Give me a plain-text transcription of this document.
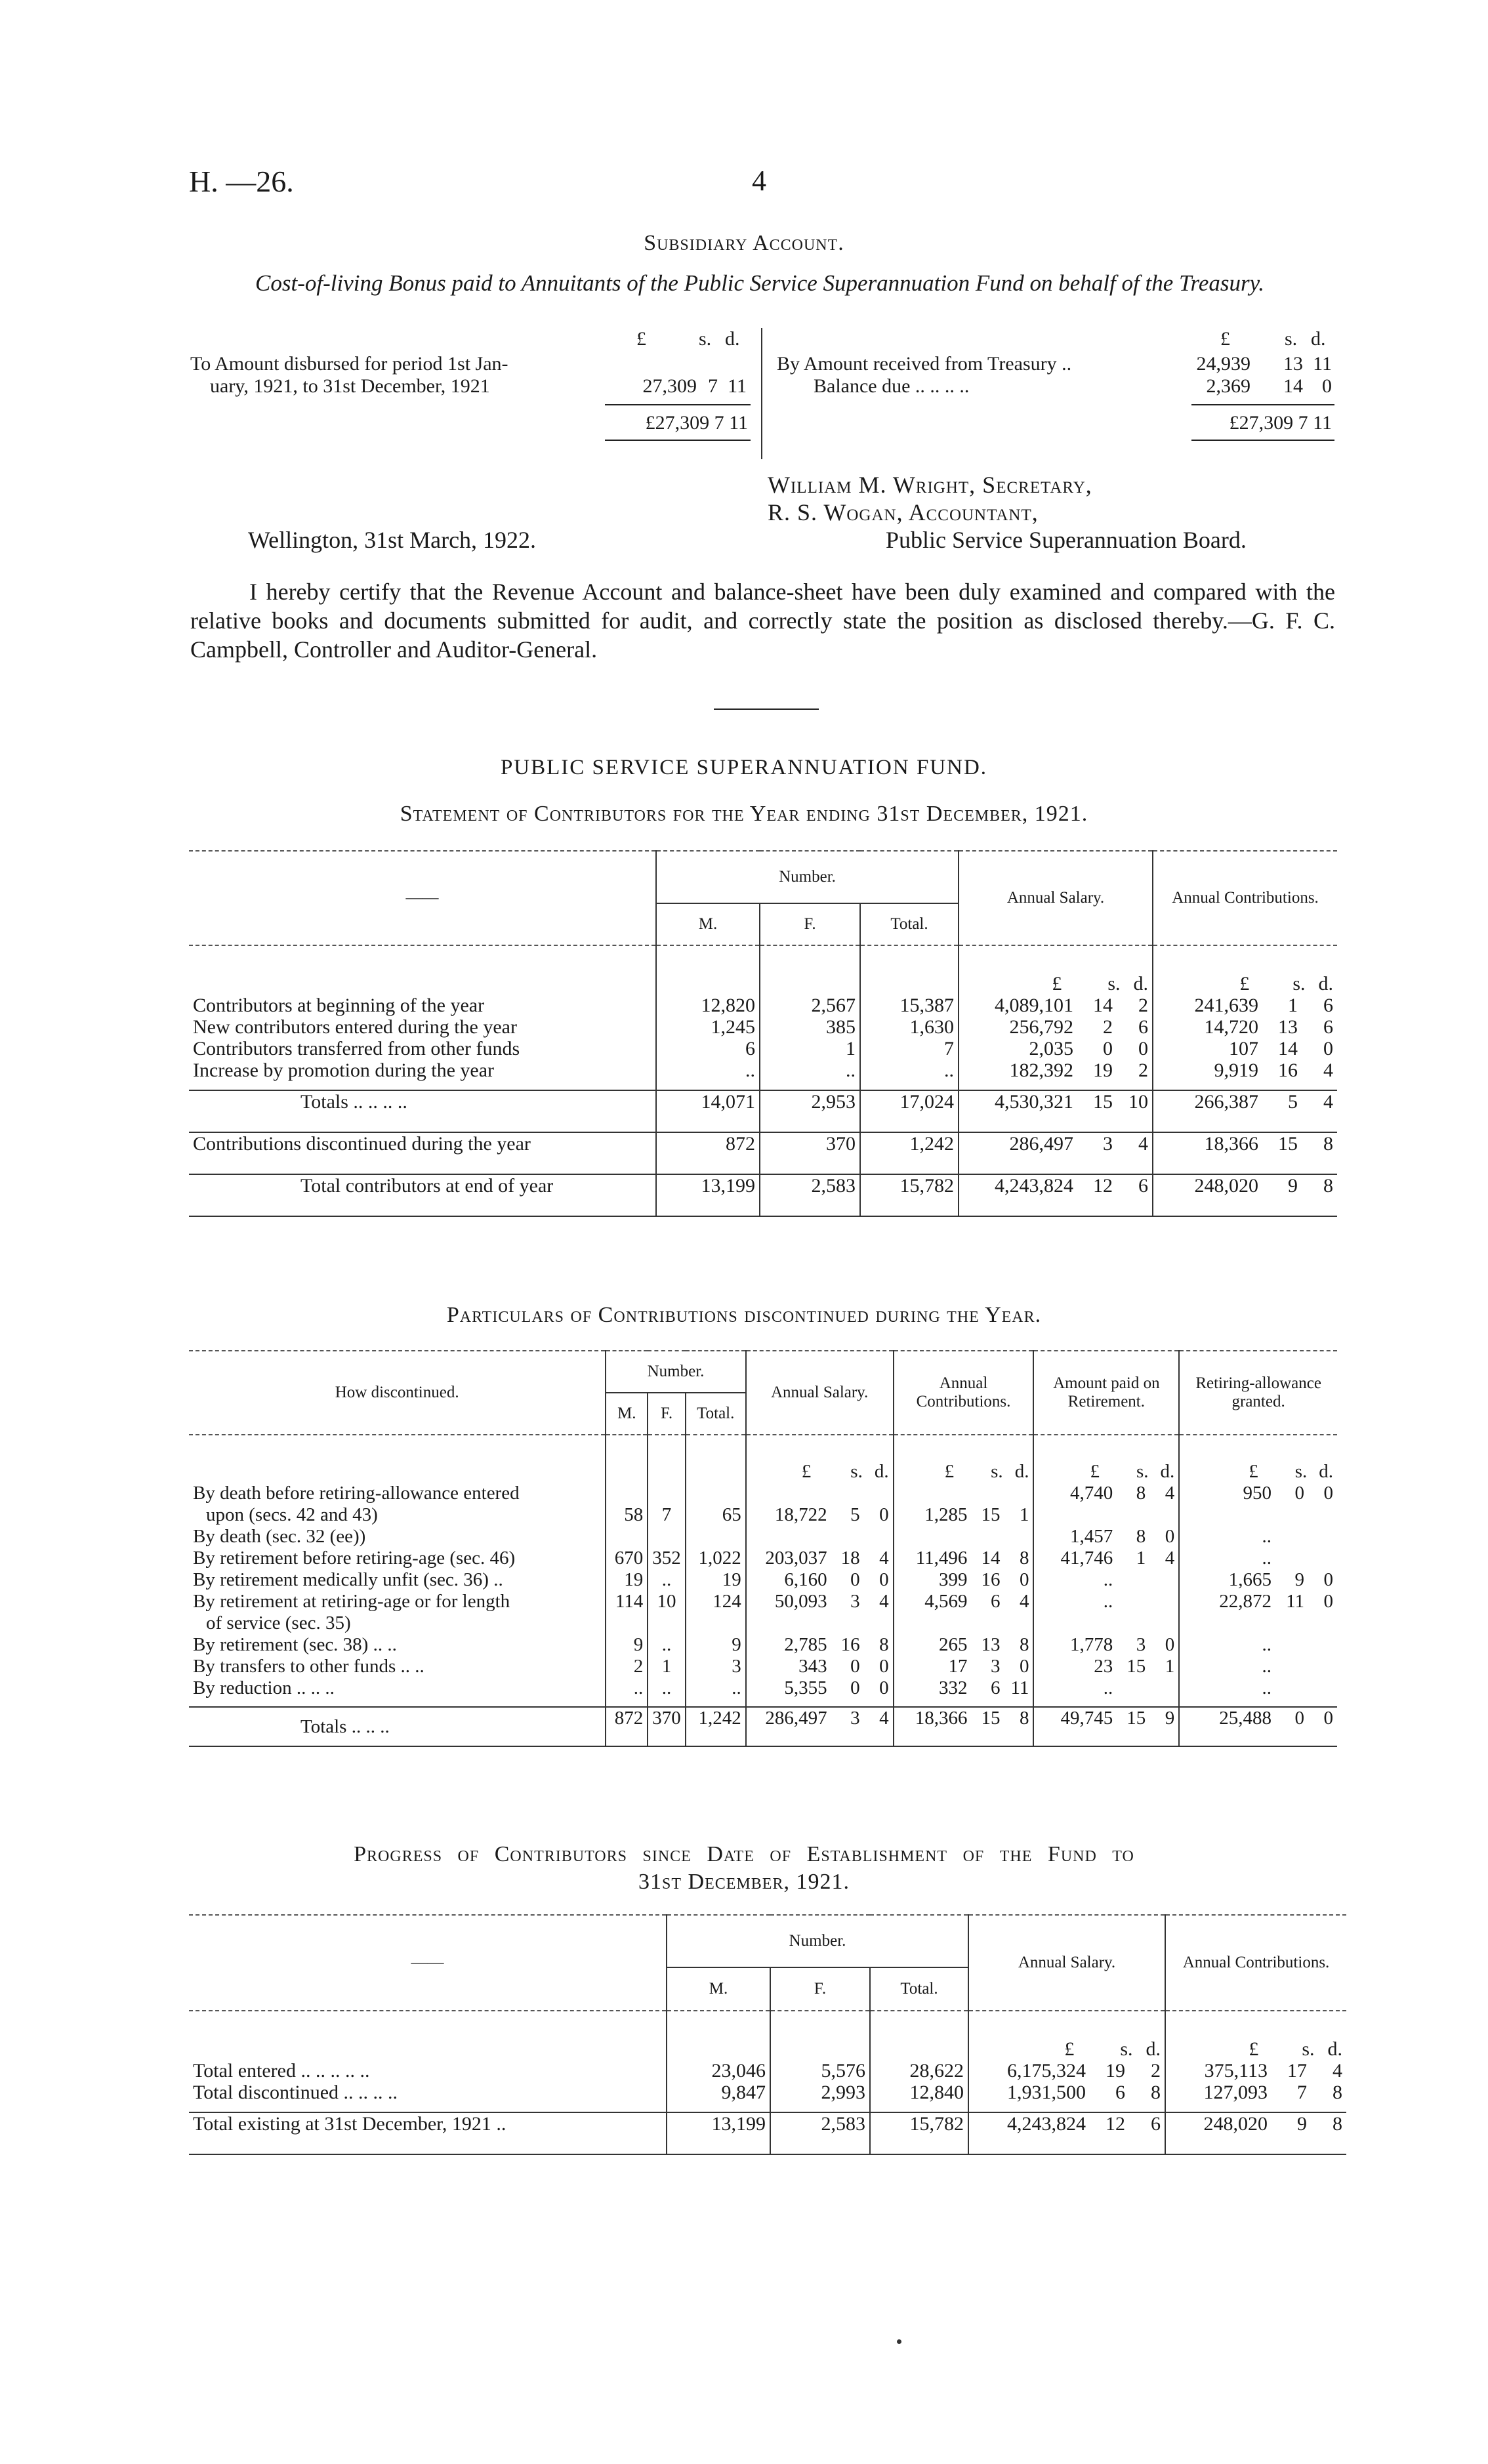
H. —26.	4
Subsidiary Account.
Cost-of-living Bonus paid to Annuitants of the Public Service Superannuation Fund on behalf of the Treasury.
£	s. d.
To Amount disbursed for period 1st Jan-
uary, 1921, to 31st December, 1921	27,309 7 11
£27,309 7 11
£	s. d.
By Amount received from Treasury ..	24,939 13 11
Balance due .. .. .. ..	2,369 14 0
£27,309 7 11
William M. Wright, Secretary,
R. S. Wogan, Accountant,
Public Service Superannuation Board.
Wellington, 31st March, 1922.
I hereby certify that the Revenue Account and balance-sheet have been duly examined and compared with the relative books and documents submitted for audit, and correctly state the position as disclosed thereby.—G. F. C. Campbell, Controller and Auditor-General.
PUBLIC SERVICE SUPERANNUATION FUND.
Statement of Contributors for the Year ending 31st December, 1921.
——	Number.			Annual Salary.	Annual Contributions.
	M.	F.	Total.		

				£ s. d.	£ s. d.
Contributors at beginning of the year	12,820	2,567	15,387	4,089,101 14 2	241,639 1 6
New contributors entered during the year	1,245	385	1,630	256,792 2 6	14,720 13 6
Contributors transferred from other funds	6	1	7	2,035 0 0	107 14 0
Increase by promotion during the year	..	..	..	182,392 19 2	9,919 16 4

Totals .. .. .. ..	14,071	2,953	17,024	4,530,321 15 10	266,387 5 4
Contributions discontinued during the year	872	370	1,242	286,497 3 4	18,366 15 8
Total contributors at end of year	13,199	2,583	15,782	4,243,824 12 6	248,020 9 8
Particulars of Contributions discontinued during the Year.
How discontinued.	Number.			Annual Salary.	Annual Contributions.	Amount paid on Retirement.	Retiring-allowance granted.
	M.	F.	Total.				

				£ s. d.	£ s. d.	£ s. d.	£ s. d.
By death before retiring-allowance entered						4,740 8 4	950 0 0
upon (secs. 42 and 43)	58	7	65	18,722 5 0	1,285 15 1		
By death (sec. 32 (ee))						1,457 8 0	..
By retirement before retiring-age (sec. 46)	670	352	1,022	203,037 18 4	11,496 14 8	41,746 1 4	..
By retirement medically unfit (sec. 36) ..	19	..	19	6,160 0 0	399 16 0	..	1,665 9 0
By retirement at retiring-age or for length	114	10	124	50,093 3 4	4,569 6 4	..	22,872 11 0
of service (sec. 35)							
By retirement (sec. 38) .. ..	9	..	9	2,785 16 8	265 13 8	1,778 3 0	..
By transfers to other funds .. ..	2	1	3	343 0 0	17 3 0	23 15 1	..
By reduction .. .. ..	..	..	..	5,355 0 0	332 6 11	..	..

Totals .. .. ..	872	370	1,242	286,497 3 4	18,366 15 8	49,745 15 9	25,488 0 0
Progress of Contributors since Date of Establishment of the Fund to
31st December, 1921.
——	Number.			Annual Salary.	Annual Contributions.
	M.	F.	Total.		

				£ s. d.	£ s. d.
Total entered .. .. .. .. ..	23,046	5,576	28,622	6,175,324 19 2	375,113 17 4
Total discontinued .. .. .. ..	9,847	2,993	12,840	1,931,500 6 8	127,093 7 8

Total existing at 31st December, 1921 ..	13,199	2,583	15,782	4,243,824 12 6	248,020 9 8
